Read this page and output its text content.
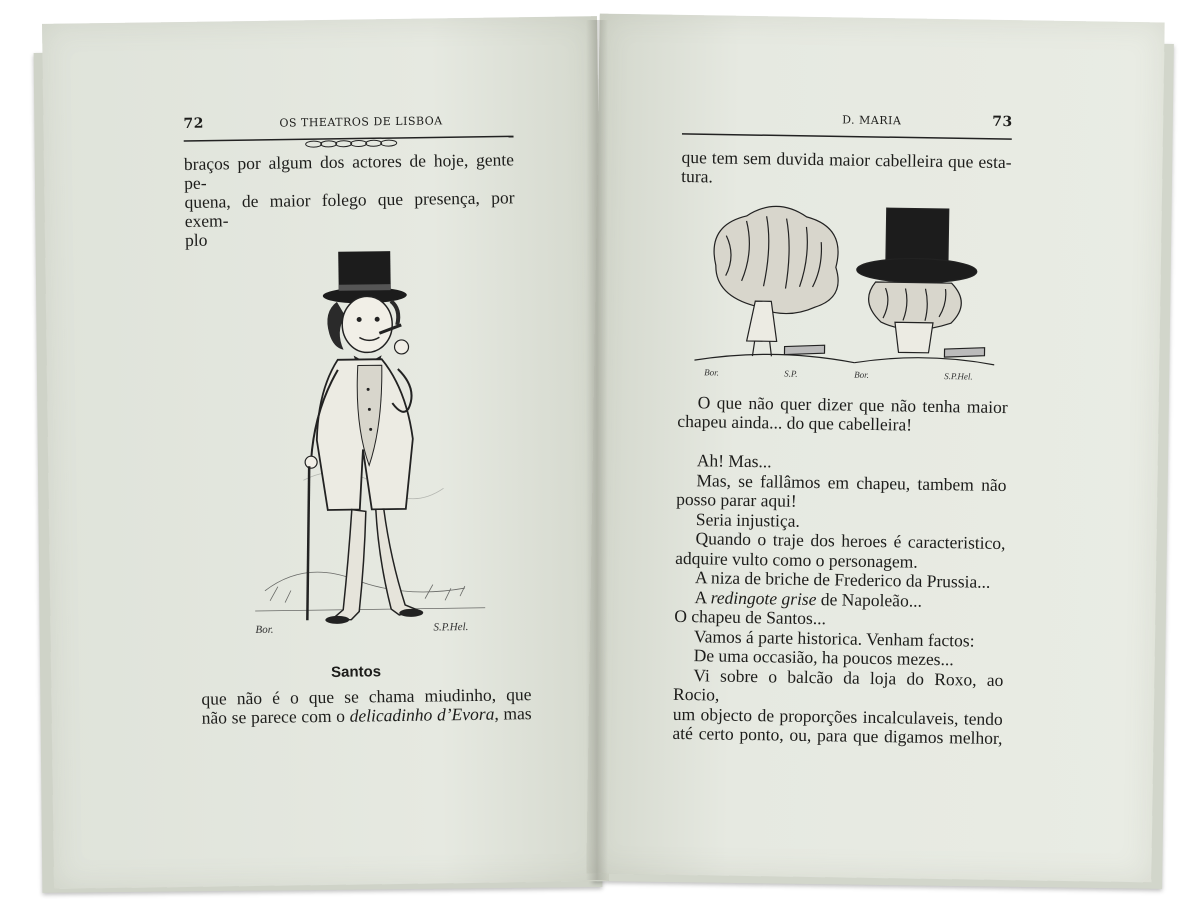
72	OS THEATROS DE LISBOA

braços por algum dos actores de hoje, gente pe-

quena, de maior folego que presença, por exem-

plo

Bor.	S.P.Hel.
Santos

que não é o que se chama miudinho, que

não se parece com o delicadinho d’Evora, mas

D. MARIA	73

que tem sem duvida maior cabelleira que esta-

tura.

Bor.	S.P.	Bor.	S.P.Hel.

O que não quer dizer que não tenha maior

chapeu ainda... do que cabelleira!

Ah! Mas...

Mas, se fallâmos em chapeu, tambem não

posso parar aqui!

Seria injustiça.

Quando o traje dos heroes é caracteristico,

adquire vulto como o personagem.

A niza de briche de Frederico da Prussia...

A redingote grise de Napoleão...

O chapeu de Santos...

Vamos á parte historica. Venham factos:

De uma occasião, ha poucos mezes...

Vi sobre o balcão da loja do Roxo, ao Rocio,

um objecto de proporções incalculaveis, tendo

até certo ponto, ou, para que digamos melhor,
